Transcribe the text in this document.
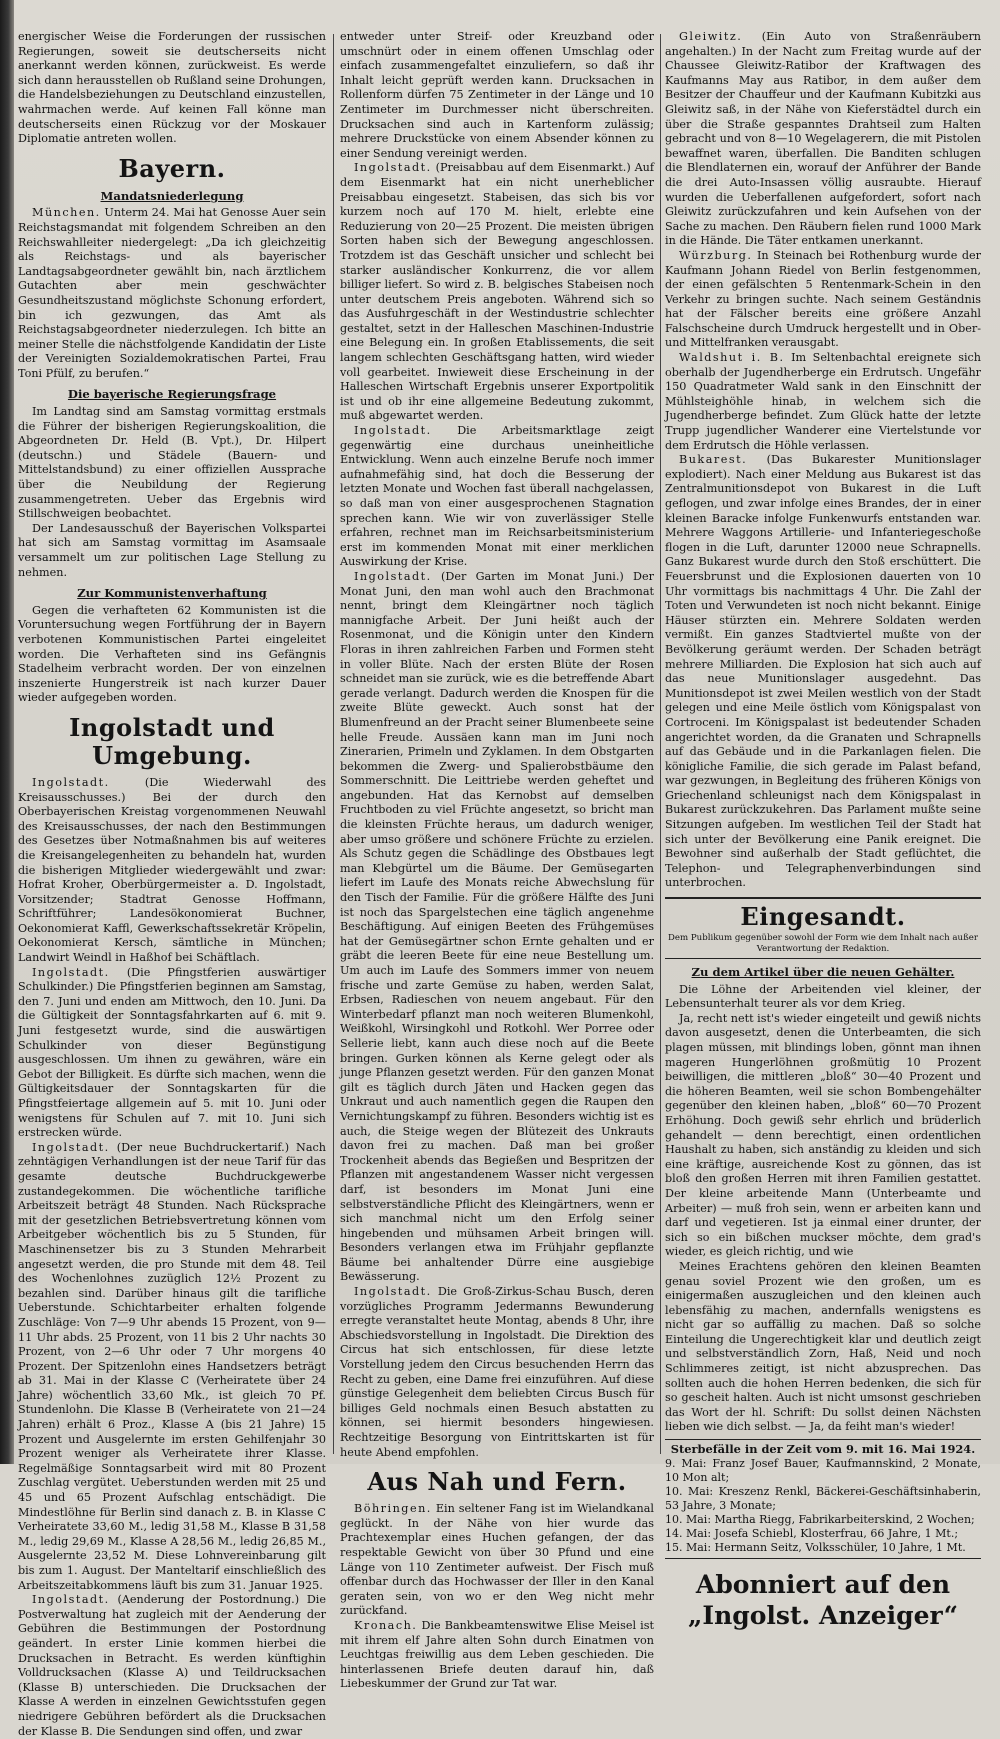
energischer Weise die Forderungen der russischen Regierungen, soweit sie deutscherseits nicht anerkannt werden können, zurückweist. Es werde sich dann herausstellen ob Rußland seine Drohungen, die Handelsbeziehungen zu Deutschland einzustellen, wahrmachen werde. Auf keinen Fall könne man deutscherseits einen Rückzug vor der Moskauer Diplomatie antreten wollen.

Bayern.
Mandatsniederlegung

München. Unterm 24. Mai hat Genosse Auer sein Reichstagsmandat mit folgendem Schreiben an den Reichswahlleiter niedergelegt: „Da ich gleichzeitig als Reichstags- und als bayerischer Landtagsabgeordneter gewählt bin, nach ärztlichem Gutachten aber mein geschwächter Gesundheitszustand möglichste Schonung erfordert, bin ich gezwungen, das Amt als Reichstagsabgeordneter niederzulegen. Ich bitte an meiner Stelle die nächstfolgende Kandidatin der Liste der Vereinigten Sozialdemokratischen Partei, Frau Toni Pfülf, zu berufen.“

Die bayerische Regierungsfrage

Im Landtag sind am Samstag vormittag erstmals die Führer der bisherigen Regierungskoalition, die Abgeordneten Dr. Held (B. Vpt.), Dr. Hilpert (deutschn.) und Städele (Bauern- und Mittelstandsbund) zu einer offiziellen Aussprache über die Neubildung der Regierung zusammengetreten. Ueber das Ergebnis wird Stillschweigen beobachtet.

Der Landesausschuß der Bayerischen Volkspartei hat sich am Samstag vormittag im Asamsaale versammelt um zur politischen Lage Stellung zu nehmen.

Zur Kommunistenverhaftung

Gegen die verhafteten 62 Kommunisten ist die Voruntersuchung wegen Fortführung der in Bayern verbotenen Kommunistischen Partei eingeleitet worden. Die Verhafteten sind ins Gefängnis Stadelheim verbracht worden. Der von einzelnen inszenierte Hungerstreik ist nach kurzer Dauer wieder aufgegeben worden.

Ingolstadt und Umgebung.

Ingolstadt.	(Die Wiederwahl des Kreisausschusses.) Bei der durch den Oberbayerischen Kreistag vorgenommenen Neuwahl des Kreisausschusses, der nach den Bestimmungen des Gesetzes über Notmaßnahmen bis auf weiteres die Kreisangelegenheiten zu behandeln hat, wurden die bisherigen Mitglieder wiedergewählt und zwar: Hofrat Kroher, Oberbürgermeister a. D. Ingolstadt, Vorsitzender; Stadtrat Genosse Hoffmann, Schriftführer; Landesökonomierat Buchner, Oekonomierat Kaffl, Gewerkschaftssekretär Kröpelin, Oekonomierat Kersch, sämtliche in München; Landwirt Weindl in Haßhof bei Schäftlach.

Ingolstadt. (Die Pfingstferien auswärtiger Schulkinder.) Die Pfingstferien beginnen am Samstag, den 7. Juni und enden am Mittwoch, den 10. Juni. Da die Gültigkeit der Sonntagsfahrkarten auf 6. mit 9. Juni festgesetzt wurde, sind die auswärtigen Schulkinder von dieser Begünstigung ausgeschlossen. Um ihnen zu gewähren, wäre ein Gebot der Billigkeit. Es dürfte sich machen, wenn die Gültigkeitsdauer der Sonntagskarten für die Pfingstfeiertage allgemein auf 5. mit 10. Juni oder wenigstens für Schulen auf 7. mit 10. Juni sich erstrecken würde.

Ingolstadt. (Der neue Buchdruckertarif.) Nach zehntägigen Verhandlungen ist der neue Tarif für das gesamte deutsche Buchdruckgewerbe zustandegekommen. Die wöchentliche tarifliche Arbeitszeit beträgt 48 Stunden. Nach Rücksprache mit der gesetzlichen Betriebsvertretung können vom Arbeitgeber wöchentlich bis zu 5 Stunden, für Maschinensetzer bis zu 3 Stunden Mehrarbeit angesetzt werden, die pro Stunde mit dem 48. Teil des Wochenlohnes zuzüglich 12½ Prozent zu bezahlen sind. Darüber hinaus gilt die tarifliche Ueberstunde. Schichtarbeiter erhalten folgende Zuschläge: Von 7—9 Uhr abends 15 Prozent, von 9—11 Uhr abds. 25 Prozent, von 11 bis 2 Uhr nachts 30 Prozent, von 2—6 Uhr oder 7 Uhr morgens 40 Prozent. Der Spitzenlohn eines Handsetzers beträgt ab 31. Mai in der Klasse C (Verheiratete über 24 Jahre) wöchentlich 33,60 Mk., ist gleich 70 Pf. Stundenlohn. Die Klasse B (Verheiratete von 21—24 Jahren) erhält 6 Proz., Klasse A (bis 21 Jahre) 15 Prozent und Ausgelernte im ersten Gehilfenjahr 30 Prozent weniger als Verheiratete ihrer Klasse. Regelmäßige Sonntagsarbeit wird mit 80 Prozent Zuschlag vergütet. Ueberstunden werden mit 25 und 45 und 65 Prozent Aufschlag entschädigt. Die Mindestlöhne für Berlin sind danach z. B. in Klasse C Verheiratete 33,60 M., ledig 31,58 M., Klasse B 31,58 M., ledig 29,69 M., Klasse A 28,56 M., ledig 26,85 M., Ausgelernte 23,52 M. Diese Lohnvereinbarung gilt bis zum 1. August. Der Manteltarif einschließlich des Arbeitszeitabkommens läuft bis zum 31. Januar 1925.

Ingolstadt. (Aenderung der Postordnung.) Die Postverwaltung hat zugleich mit der Aenderung der Gebühren die Bestimmungen der Postordnung geändert. In erster Linie kommen hierbei die Drucksachen in Betracht. Es werden künftighin Volldrucksachen (Klasse A) und Teildrucksachen (Klasse B) unterschieden. Die Drucksachen der Klasse A werden in einzelnen Gewichtsstufen gegen niedrigere Gebühren befördert als die Drucksachen der Klasse B. Die Sendungen sind offen, und zwar

entweder unter Streif- oder Kreuzband oder umschnürt oder in einem offenen Umschlag oder einfach zusammengefaltet einzuliefern, so daß ihr Inhalt leicht geprüft werden kann. Drucksachen in Rollenform dürfen 75 Zentimeter in der Länge und 10 Zentimeter im Durchmesser nicht überschreiten. Drucksachen sind auch in Kartenform zulässig; mehrere Druckstücke von einem Absender können zu einer Sendung vereinigt werden.

Ingolstadt. (Preisabbau auf dem Eisenmarkt.) Auf dem Eisenmarkt hat ein nicht unerheblicher Preisabbau eingesetzt. Stabeisen, das sich bis vor kurzem noch auf 170 M. hielt, erlebte eine Reduzierung von 20—25 Prozent. Die meisten übrigen Sorten haben sich der Bewegung angeschlossen. Trotzdem ist das Geschäft unsicher und schlecht bei starker ausländischer Konkurrenz, die vor allem billiger liefert. So wird z. B. belgisches Stabeisen noch unter deutschem Preis angeboten. Während sich so das Ausfuhrgeschäft in der Westindustrie schlechter gestaltet, setzt in der Halleschen Maschinen-Industrie eine Belegung ein. In großen Etablissements, die seit langem schlechten Geschäftsgang hatten, wird wieder voll gearbeitet. Inwieweit diese Erscheinung in der Halleschen Wirtschaft Ergebnis unserer Exportpolitik ist und ob ihr eine allgemeine Bedeutung zukommt, muß abgewartet werden.

Ingolstadt. Die Arbeitsmarktlage zeigt gegenwärtig eine durchaus uneinheitliche Entwicklung. Wenn auch einzelne Berufe noch immer aufnahmefähig sind, hat doch die Besserung der letzten Monate und Wochen fast überall nachgelassen, so daß man von einer ausgesprochenen Stagnation sprechen kann. Wie wir von zuverlässiger Stelle erfahren, rechnet man im Reichsarbeitsministerium erst im kommenden Monat mit einer merklichen Auswirkung der Krise.

Ingolstadt. (Der Garten im Monat Juni.) Der Monat Juni, den man wohl auch den Brachmonat nennt, bringt dem Kleingärtner noch täglich mannigfache Arbeit. Der Juni heißt auch der Rosenmonat, und die Königin unter den Kindern Floras in ihren zahlreichen Farben und Formen steht in voller Blüte. Nach der ersten Blüte der Rosen schneidet man sie zurück, wie es die betreffende Abart gerade verlangt. Dadurch werden die Knospen für die zweite Blüte geweckt. Auch sonst hat der Blumenfreund an der Pracht seiner Blumenbeete seine helle Freude. Aussäen kann man im Juni noch Zinerarien, Primeln und Zyklamen. In dem Obstgarten bekommen die Zwerg- und Spalierobstbäume den Sommerschnitt. Die Leittriebe werden geheftet und angebunden. Hat das Kernobst auf demselben Fruchtboden zu viel Früchte angesetzt, so bricht man die kleinsten Früchte heraus, um dadurch weniger, aber umso größere und schönere Früchte zu erzielen. Als Schutz gegen die Schädlinge des Obstbaues legt man Klebgürtel um die Bäume. Der Gemüsegarten liefert im Laufe des Monats reiche Abwechslung für den Tisch der Familie. Für die größere Hälfte des Juni ist noch das Spargelstechen eine täglich angenehme Beschäftigung. Auf einigen Beeten des Frühgemüses hat der Gemüsegärtner schon Ernte gehalten und er gräbt die leeren Beete für eine neue Bestellung um. Um auch im Laufe des Sommers immer von neuem frische und zarte Gemüse zu haben, werden Salat, Erbsen, Radieschen von neuem angebaut. Für den Winterbedarf pflanzt man noch weiteren Blumenkohl, Weißkohl, Wirsingkohl und Rotkohl. Wer Porree oder Sellerie liebt, kann auch diese noch auf die Beete bringen. Gurken können als Kerne gelegt oder als junge Pflanzen gesetzt werden. Für den ganzen Monat gilt es täglich durch Jäten und Hacken gegen das Unkraut und auch namentlich gegen die Raupen den Vernichtungskampf zu führen. Besonders wichtig ist es auch, die Steige wegen der Blütezeit des Unkrauts davon frei zu machen. Daß man bei großer Trockenheit abends das Begießen und Bespritzen der Pflanzen mit angestandenem Wasser nicht vergessen darf, ist besonders im Monat Juni eine selbstverständliche Pflicht des Kleingärtners, wenn er sich manchmal nicht um den Erfolg seiner hingebenden und mühsamen Arbeit bringen will. Besonders verlangen etwa im Frühjahr gepflanzte Bäume bei anhaltender Dürre eine ausgiebige Bewässerung.

Ingolstadt. Die Groß-Zirkus-Schau Busch, deren vorzügliches Programm Jedermanns Bewunderung erregte veranstaltet heute Montag, abends 8 Uhr, ihre Abschiedsvorstellung in Ingolstadt. Die Direktion des Circus hat sich entschlossen, für diese letzte Vorstellung jedem den Circus besuchenden Herrn das Recht zu geben, eine Dame frei einzuführen. Auf diese günstige Gelegenheit dem beliebten Circus Busch für billiges Geld nochmals einen Besuch abstatten zu können, sei hiermit besonders hingewiesen. Rechtzeitige Besorgung von Eintrittskarten ist für heute Abend empfohlen.

Aus Nah und Fern.

Böhringen. Ein seltener Fang ist im Wielandkanal geglückt. In der Nähe von hier wurde das Prachtexemplar eines Huchen gefangen, der das respektable Gewicht von über 30 Pfund und eine Länge von 110 Zentimeter aufweist. Der Fisch muß offenbar durch das Hochwasser der Iller in den Kanal geraten sein, von wo er den Weg nicht mehr zurückfand.

Kronach. Die Bankbeamtenswitwe Elise Meisel ist mit ihrem elf Jahre alten Sohn durch Einatmen von Leuchtgas freiwillig aus dem Leben geschieden. Die hinterlassenen Briefe deuten darauf hin, daß Liebeskummer der Grund zur Tat war.

Gleiwitz. (Ein Auto von Straßenräubern angehalten.) In der Nacht zum Freitag wurde auf der Chaussee Gleiwitz-Ratibor der Kraftwagen des Kaufmanns May aus Ratibor, in dem außer dem Besitzer der Chauffeur und der Kaufmann Kubitzki aus Gleiwitz saß, in der Nähe von Kieferstädtel durch ein über die Straße gespanntes Drahtseil zum Halten gebracht und von 8—10 Wegelagerern, die mit Pistolen bewaffnet waren, überfallen. Die Banditen schlugen die Blendlaternen ein, worauf der Anführer der Bande die drei Auto-Insassen völlig ausraubte. Hierauf wurden die Ueberfallenen aufgefordert, sofort nach Gleiwitz zurückzufahren und kein Aufsehen von der Sache zu machen. Den Räubern fielen rund 1000 Mark in die Hände. Die Täter entkamen unerkannt.

Würzburg. In Steinach bei Rothenburg wurde der Kaufmann Johann Riedel von Berlin festgenommen, der einen gefälschten 5 Rentenmark-Schein in den Verkehr zu bringen suchte. Nach seinem Geständnis hat der Fälscher bereits eine größere Anzahl Falschscheine durch Umdruck hergestellt und in Ober- und Mittelfranken verausgabt.

Waldshut i. B. Im Seltenbachtal ereignete sich oberhalb der Jugendherberge ein Erdrutsch. Ungefähr 150 Quadratmeter Wald sank in den Einschnitt der Mühlsteighöhle hinab, in welchem sich die Jugendherberge befindet. Zum Glück hatte der letzte Trupp jugendlicher Wanderer eine Viertelstunde vor dem Erdrutsch die Höhle verlassen.

Bukarest. (Das Bukarester Munitionslager explodiert). Nach einer Meldung aus Bukarest ist das Zentralmunitionsdepot von Bukarest in die Luft geflogen, und zwar infolge eines Brandes, der in einer kleinen Baracke infolge Funkenwurfs entstanden war. Mehrere Waggons Artillerie- und Infanteriegeschoße flogen in die Luft, darunter 12000 neue Schrapnells. Ganz Bukarest wurde durch den Stoß erschüttert. Die Feuersbrunst und die Explosionen dauerten von 10 Uhr vormittags bis nachmittags 4 Uhr. Die Zahl der Toten und Verwundeten ist noch nicht bekannt. Einige Häuser stürzten ein. Mehrere Soldaten werden vermißt. Ein ganzes Stadtviertel mußte von der Bevölkerung geräumt werden. Der Schaden beträgt mehrere Milliarden. Die Explosion hat sich auch auf das neue Munitionslager ausgedehnt. Das Munitionsdepot ist zwei Meilen westlich von der Stadt gelegen und eine Meile östlich vom Königspalast von Cortroceni. Im Königspalast ist bedeutender Schaden angerichtet worden, da die Granaten und Schrapnells auf das Gebäude und in die Parkanlagen fielen. Die königliche Familie, die sich gerade im Palast befand, war gezwungen, in Begleitung des früheren Königs von Griechenland schleunigst nach dem Königspalast in Bukarest zurückzukehren. Das Parlament mußte seine Sitzungen aufgeben. Im westlichen Teil der Stadt hat sich unter der Bevölkerung eine Panik ereignet. Die Bewohner sind außerhalb der Stadt geflüchtet, die Telephon- und Telegraphenverbindungen sind unterbrochen.

Eingesandt.

Dem Publikum gegenüber sowohl der Form wie dem Inhalt nach außer Verantwortung der Redaktion.

Zu dem Artikel über die neuen Gehälter.

Die Löhne der Arbeitenden viel kleiner, der Lebensunterhalt teurer als vor dem Krieg.

Ja, recht nett ist's wieder eingeteilt und gewiß nichts davon ausgesetzt, denen die Unterbeamten, die sich plagen müssen, mit blindings loben, gönnt man ihnen mageren Hungerlöhnen großmütig 10 Prozent beiwilligen, die mittleren „bloß“ 30—40 Prozent und die höheren Beamten, weil sie schon Bombengehälter gegenüber den kleinen haben, „bloß“ 60—70 Prozent Erhöhung. Doch gewiß sehr ehrlich und brüderlich gehandelt — denn berechtigt, einen ordentlichen Haushalt zu haben, sich anständig zu kleiden und sich eine kräftige, ausreichende Kost zu gönnen, das ist bloß den großen Herren mit ihren Familien gestattet. Der kleine arbeitende Mann (Unterbeamte und Arbeiter) — muß froh sein, wenn er arbeiten kann und darf und vegetieren. Ist ja einmal einer drunter, der sich so ein bißchen muckser möchte, dem grad's wieder, es gleich richtig, und wie

Meines Erachtens gehören den kleinen Beamten genau soviel Prozent wie den großen, um es einigermaßen auszugleichen und den kleinen auch lebensfähig zu machen, andernfalls wenigstens es nicht gar so auffällig zu machen. Daß so solche Einteilung die Ungerechtigkeit klar und deutlich zeigt und selbstverständlich Zorn, Haß, Neid und noch Schlimmeres zeitigt, ist nicht abzusprechen. Das sollten auch die hohen Herren bedenken, die sich für so gescheit halten. Auch ist nicht umsonst geschrieben das Wort der hl. Schrift: Du sollst deinen Nächsten lieben wie dich selbst. — Ja, da feiht man's wieder!

Sterbefälle in der Zeit vom 9. mit 16. Mai 1924.

9. Mai: Franz Josef Bauer, Kaufmannskind, 2 Monate, 10 Mon alt;

10. Mai: Kreszenz Renkl, Bäckerei-Geschäftsinhaberin, 53 Jahre, 3 Monate;

10. Mai: Martha Riegg, Fabrikarbeiterskind, 2 Wochen;

14. Mai: Josefa Schiebl, Klosterfrau, 66 Jahre, 1 Mt.;

15. Mai: Hermann Seitz, Volksschüler, 10 Jahre, 1 Mt.

Abonniert auf den
„Ingolst. Anzeiger“
